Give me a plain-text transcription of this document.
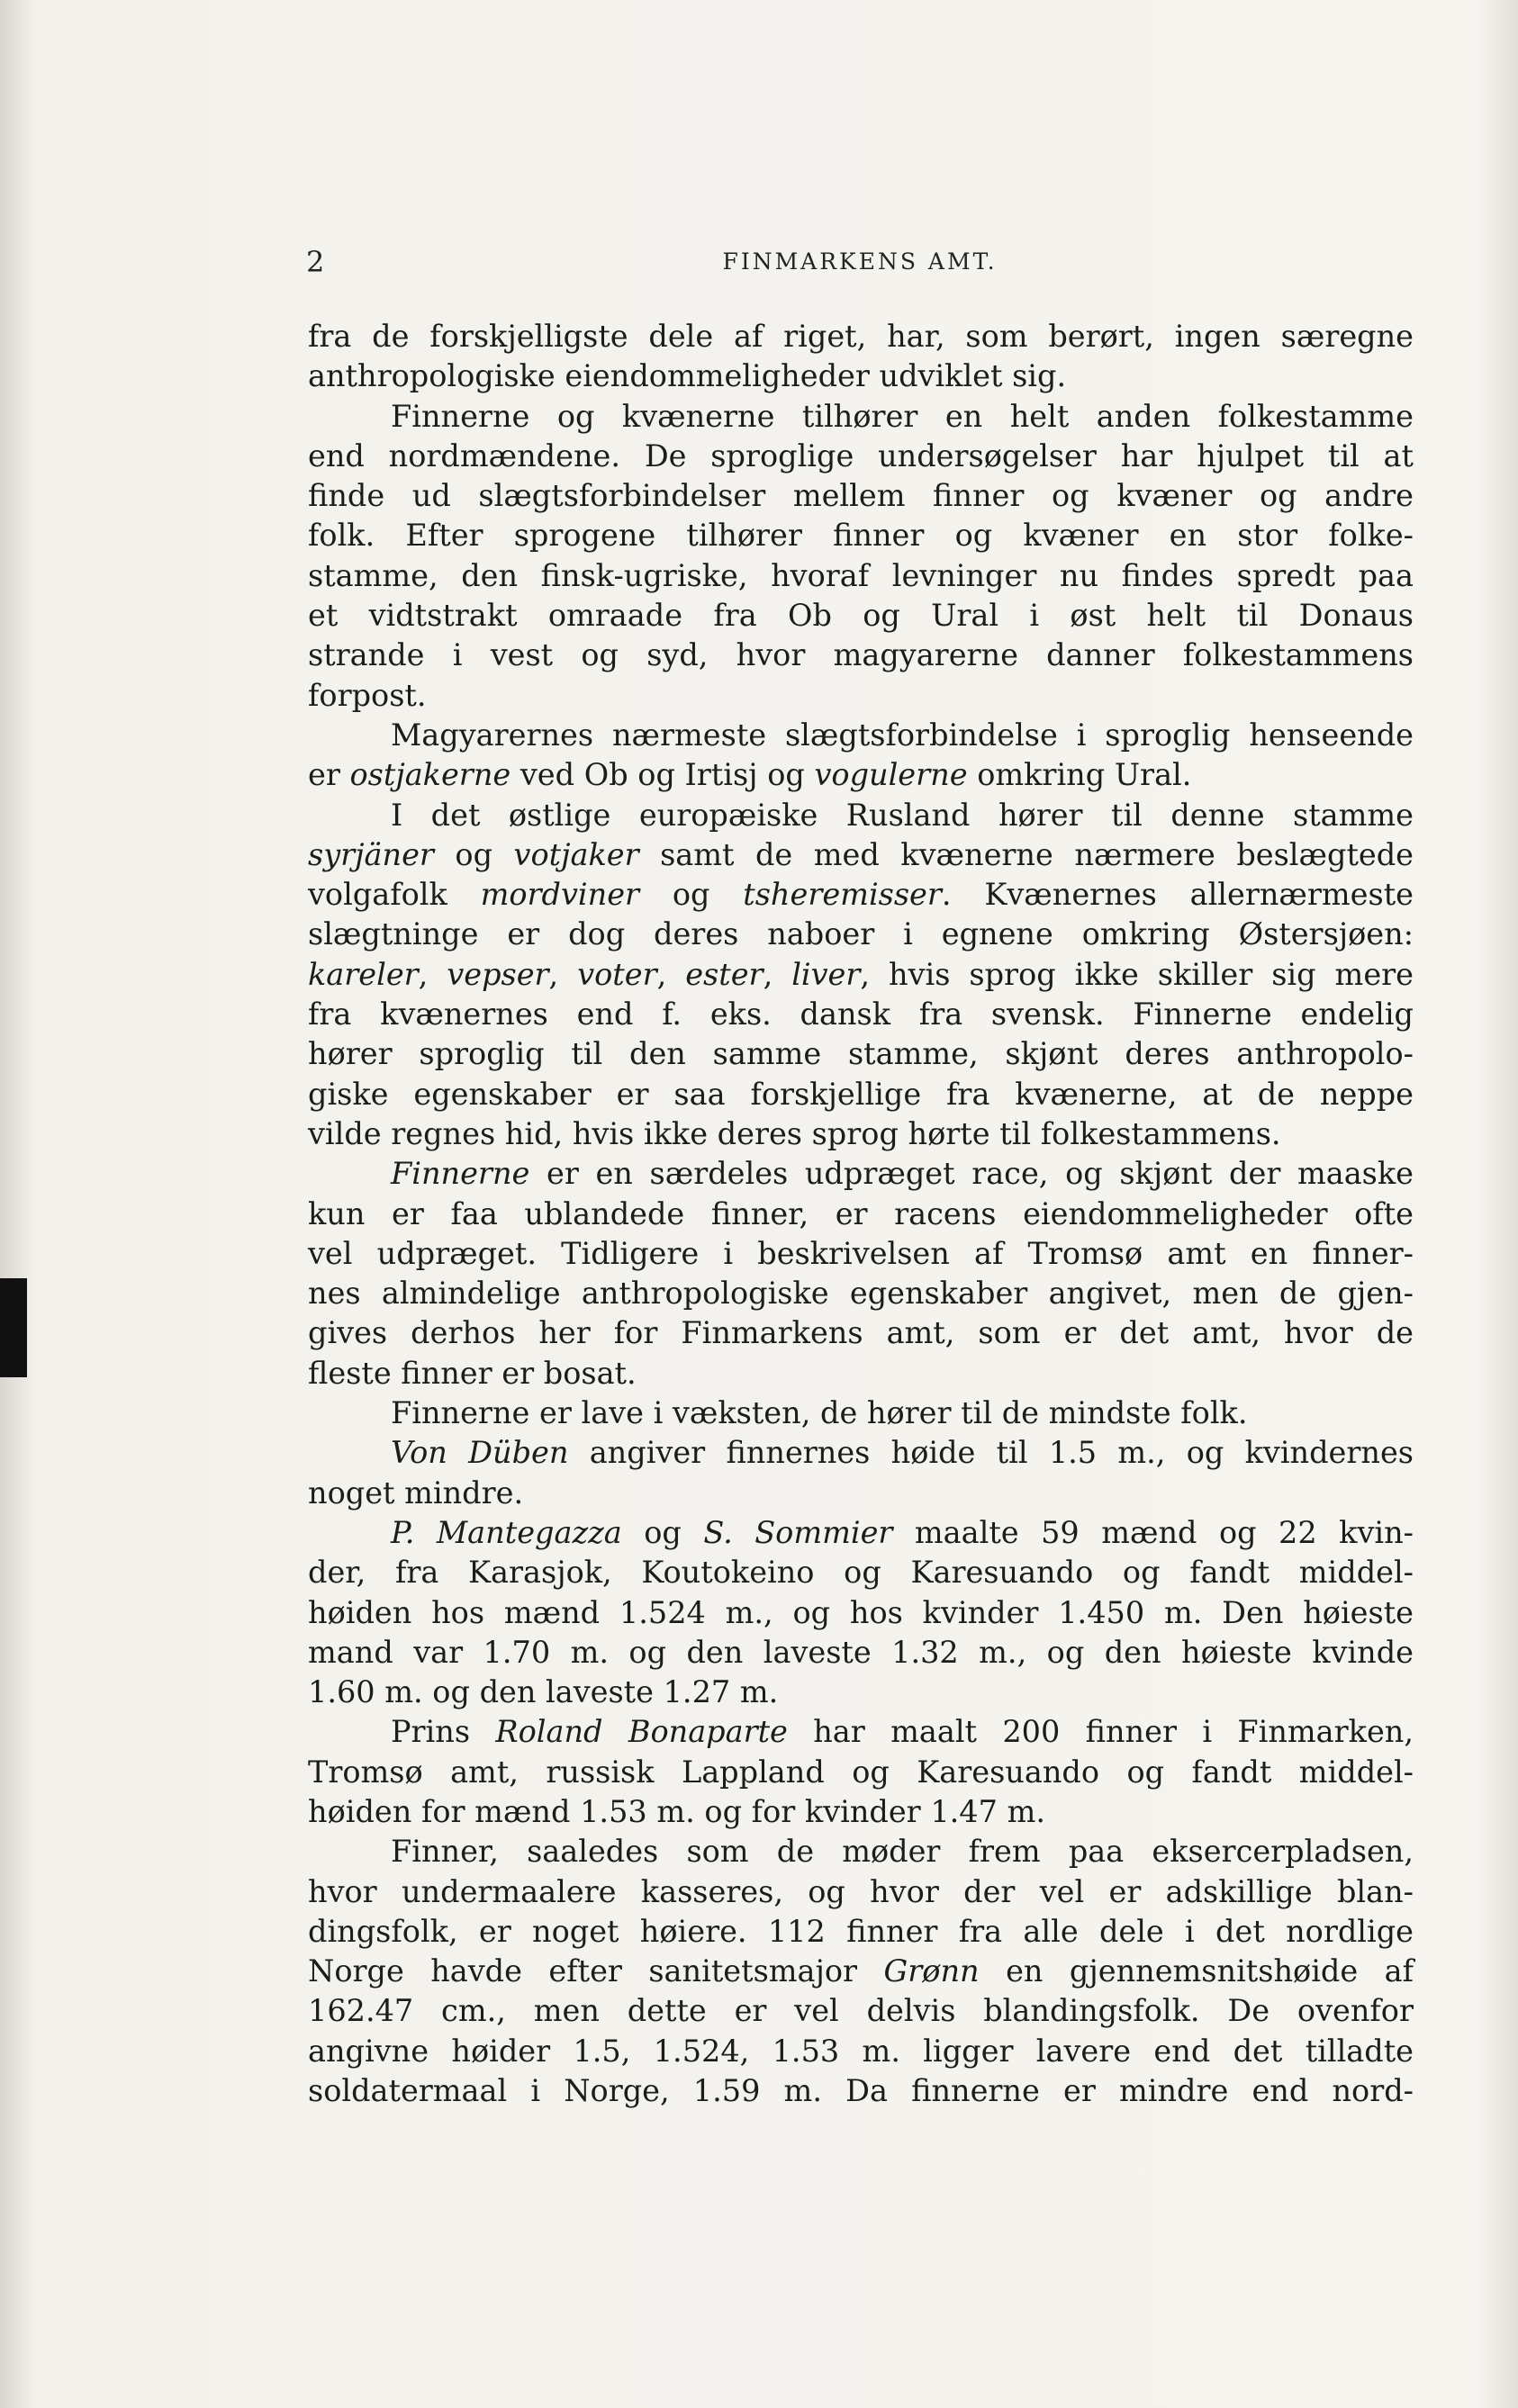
2	FINMARKENS AMT.
fra de forskjelligste dele af riget, har, som berørt, ingen særegne
anthropologiske eiendommeligheder udviklet sig.
Finnerne og kvænerne tilhører en helt anden folkestamme
end nordmændene. De sproglige undersøgelser har hjulpet til at
finde ud slægtsforbindelser mellem finner og kvæner og andre
folk. Efter sprogene tilhører finner og kvæner en stor folke-
stamme, den finsk-ugriske, hvoraf levninger nu findes spredt paa
et vidtstrakt omraade fra Ob og Ural i øst helt til Donaus
strande i vest og syd, hvor magyarerne danner folkestammens
forpost.
Magyarernes nærmeste slægtsforbindelse i sproglig henseende
er ostjakerne ved Ob og Irtisj og vogulerne omkring Ural.
I det østlige europæiske Rusland hører til denne stamme
syrjäner og votjaker samt de med kvænerne nærmere beslægtede
volgafolk mordviner og tsheremisser. Kvænernes allernærmeste
slægtninge er dog deres naboer i egnene omkring Østersjøen:
kareler, vepser, voter, ester, liver, hvis sprog ikke skiller sig mere
fra kvænernes end f. eks. dansk fra svensk. Finnerne endelig
hører sproglig til den samme stamme, skjønt deres anthropolo-
giske egenskaber er saa forskjellige fra kvænerne, at de neppe
vilde regnes hid, hvis ikke deres sprog hørte til folkestammens.
Finnerne er en særdeles udpræget race, og skjønt der maaske
kun er faa ublandede finner, er racens eiendommeligheder ofte
vel udpræget. Tidligere i beskrivelsen af Tromsø amt en finner-
nes almindelige anthropologiske egenskaber angivet, men de gjen-
gives derhos her for Finmarkens amt, som er det amt, hvor de
fleste finner er bosat.
Finnerne er lave i væksten, de hører til de mindste folk.
Von Düben angiver finnernes høide til 1.5 m., og kvindernes
noget mindre.
P. Mantegazza og S. Sommier maalte 59 mænd og 22 kvin-
der, fra Karasjok, Koutokeino og Karesuando og fandt middel-
høiden hos mænd 1.524 m., og hos kvinder 1.450 m. Den høieste
mand var 1.70 m. og den laveste 1.32 m., og den høieste kvinde
1.60 m. og den laveste 1.27 m.
Prins Roland Bonaparte har maalt 200 finner i Finmarken,
Tromsø amt, russisk Lappland og Karesuando og fandt middel-
høiden for mænd 1.53 m. og for kvinder 1.47 m.
Finner, saaledes som de møder frem paa eksercerpladsen,
hvor undermaalere kasseres, og hvor der vel er adskillige blan-
dingsfolk, er noget høiere. 112 finner fra alle dele i det nordlige
Norge havde efter sanitetsmajor Grønn en gjennemsnitshøide af
162.47 cm., men dette er vel delvis blandingsfolk. De ovenfor
angivne høider 1.5, 1.524, 1.53 m. ligger lavere end det tilladte
soldatermaal i Norge, 1.59 m. Da finnerne er mindre end nord-
